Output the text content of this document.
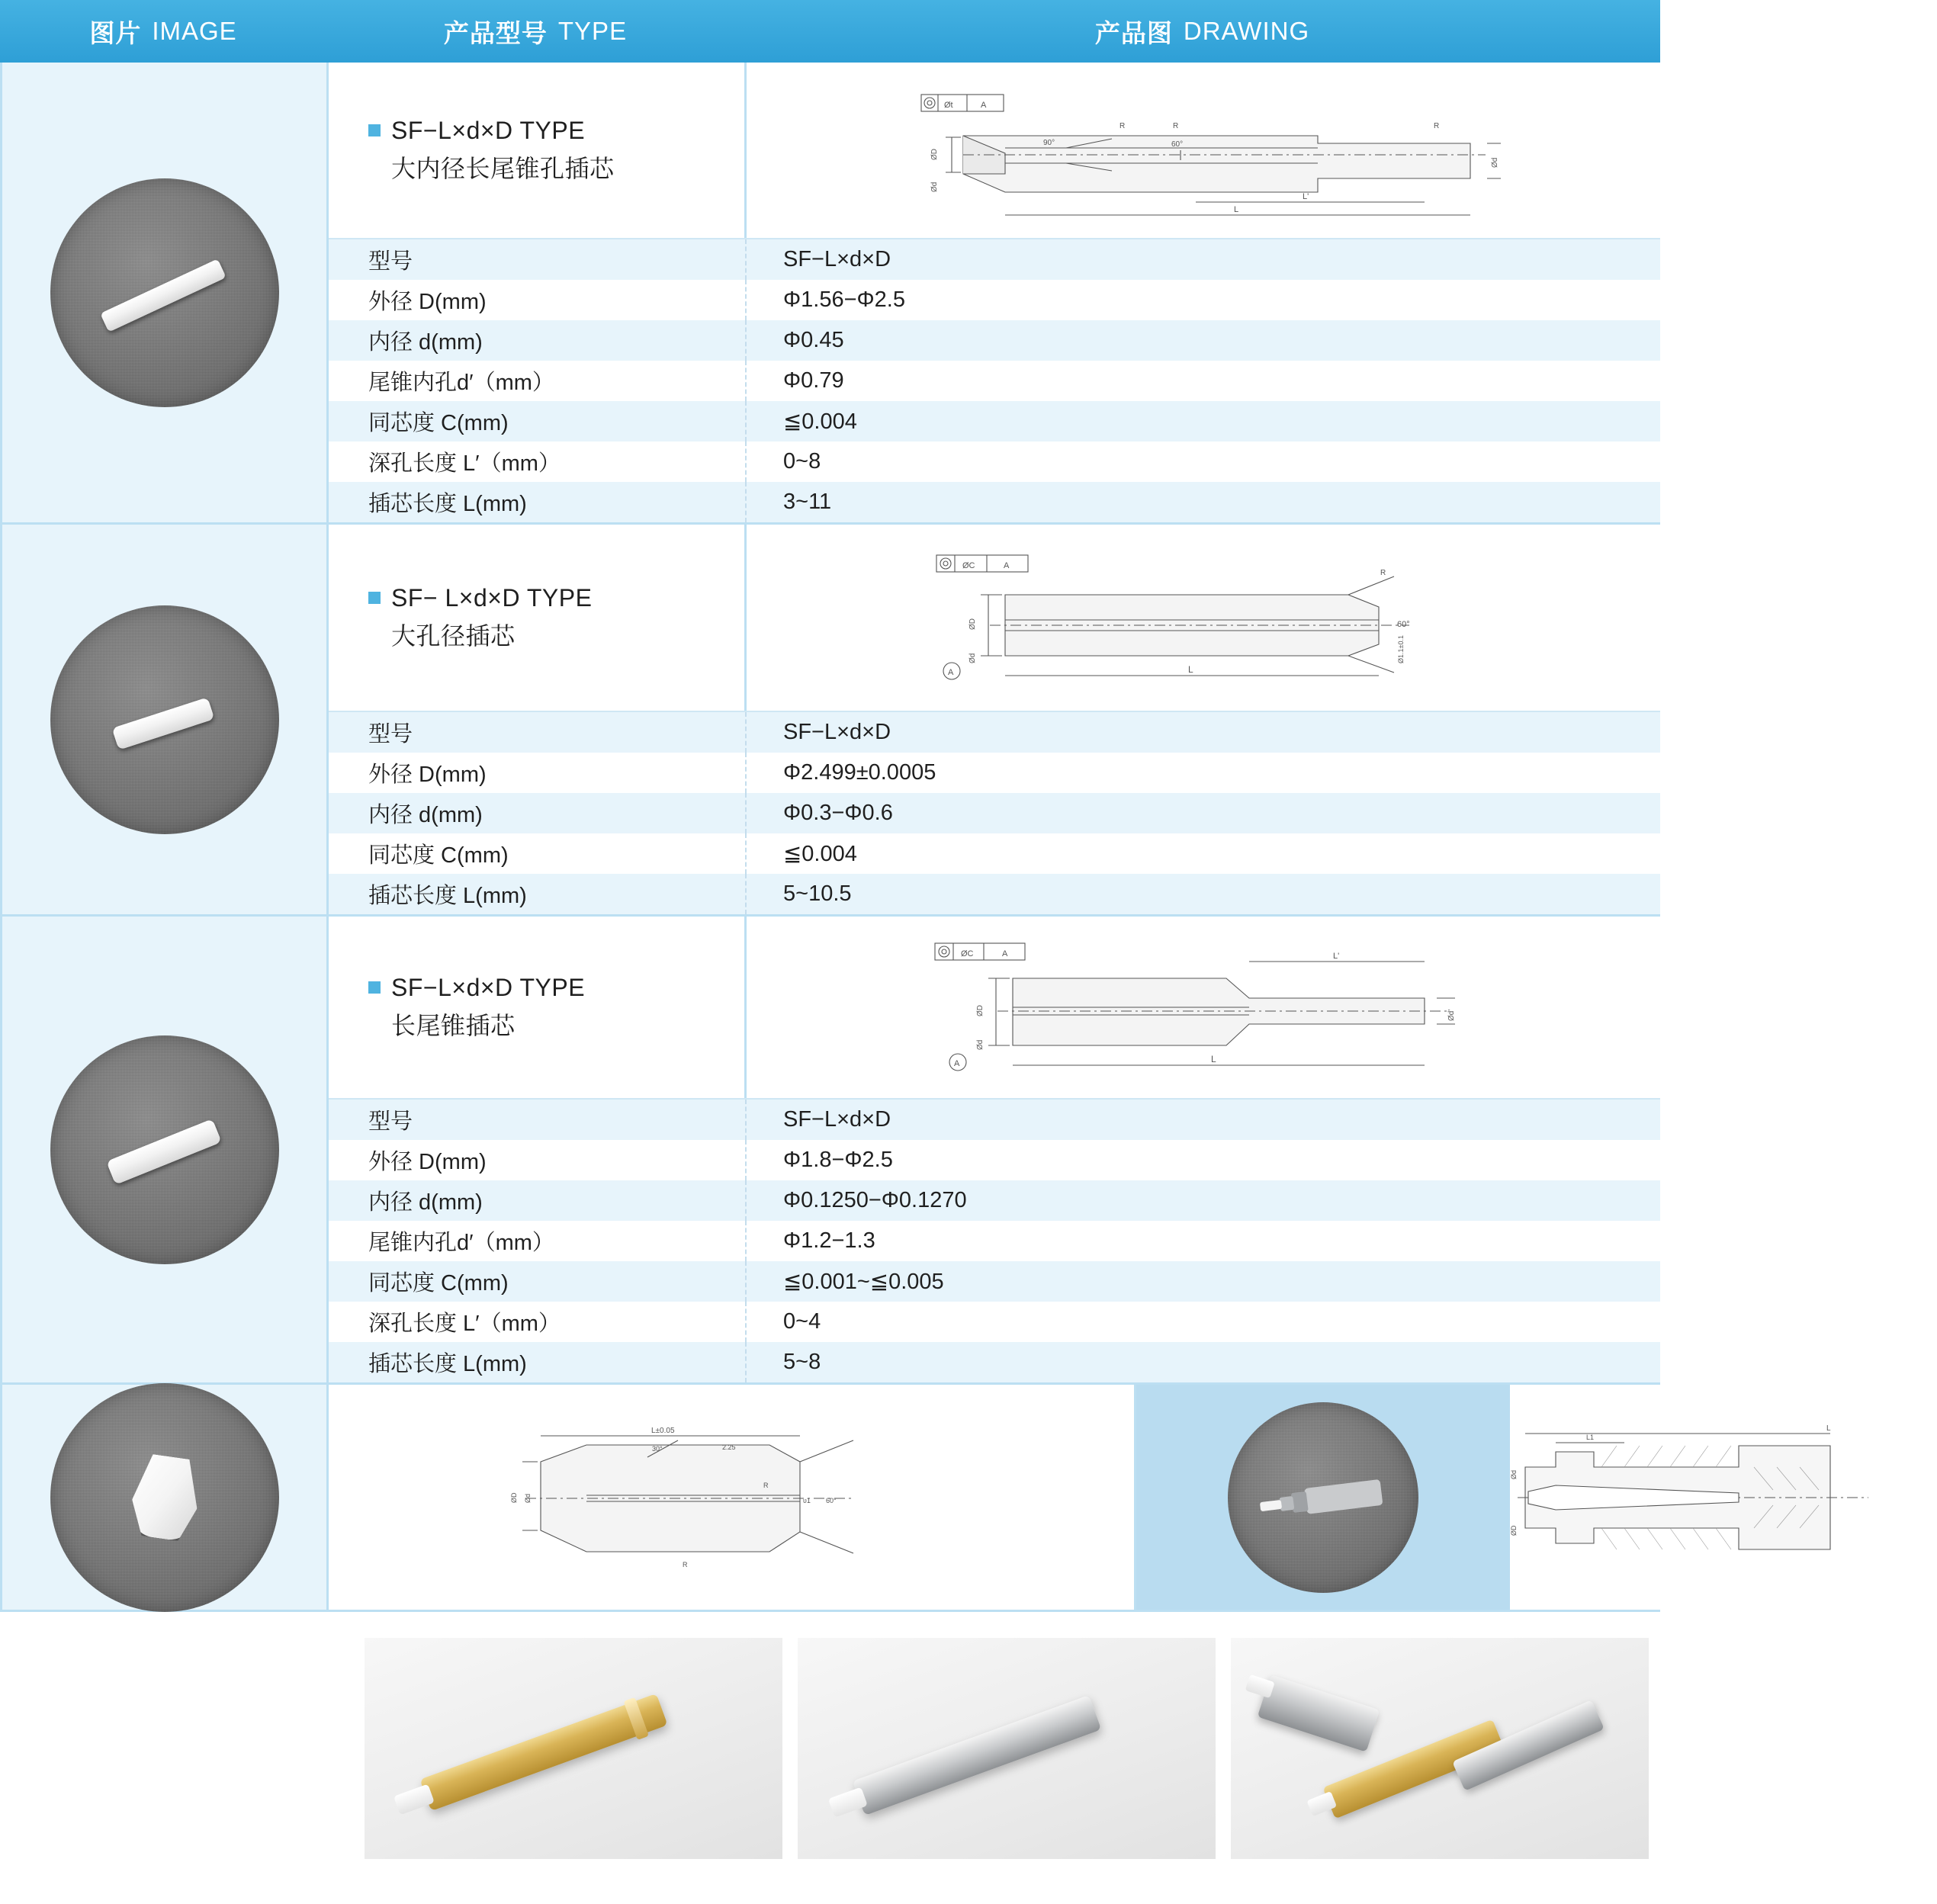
图片 IMAGE	产品型号 TYPE	产品图 DRAWING
SF−L×d×D TYPE
大内径长尾锥孔插芯
Øt	A
90°	60°
R	R	R
ØD
Ød
Ød
L'
L
型号	SF−L×d×D
外径 D(mm)	Φ1.56−Φ2.5
内径 d(mm)	Φ0.45
尾锥内孔d′（mm）	Φ0.79
同芯度 C(mm)	≦0.004
深孔长度 L′（mm）	0~8
插芯长度 L(mm)	3~11
SF− L×d×D TYPE
大孔径插芯
ØC	A
60°
R
ØD
Ød
A
Ø1.1±0.1
L
型号	SF−L×d×D
外径 D(mm)	Φ2.499±0.0005
内径 d(mm)	Φ0.3−Φ0.6
同芯度 C(mm)	≦0.004
插芯长度 L(mm)	5~10.5
SF−L×d×D TYPE
长尾锥插芯
ØC	A
ØD
Ød
A
Ød'
L'
L
型号	SF−L×d×D
外径 D(mm)	Φ1.8−Φ2.5
内径 d(mm)	Φ0.1250−Φ0.1270
尾锥内孔d′（mm）	Φ1.2−1.3
同芯度 C(mm)	≦0.001~≦0.005
深孔长度 L′（mm）	0~4
插芯长度 L(mm)	5~8
L±0.05
30°	2.25
R
60°
ʋ1
ØD Ød
R
L
L1
Ød
ØD
